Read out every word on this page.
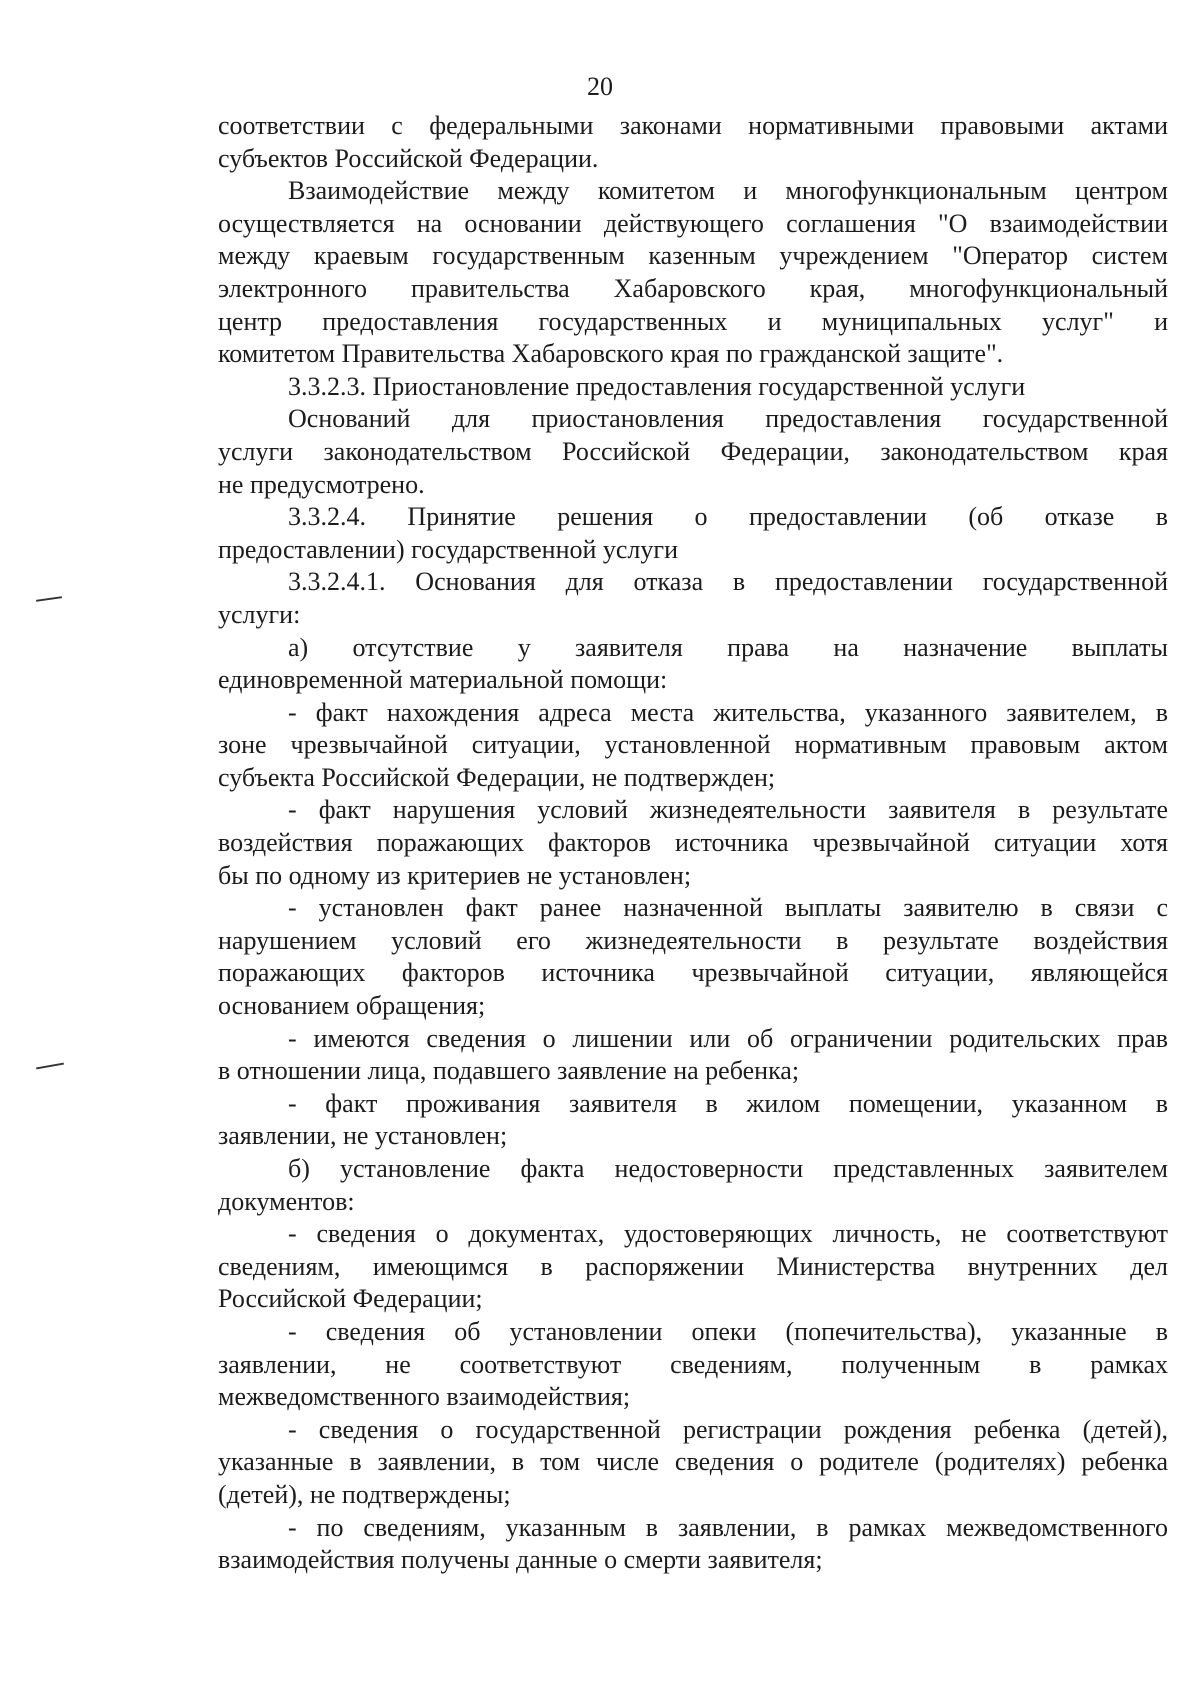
20
соответствии с федеральными законами нормативными правовыми актами
субъектов Российской Федерации.
Взаимодействие между комитетом и многофункциональным центром
осуществляется на основании действующего соглашения "О взаимодействии
между краевым государственным казенным учреждением "Оператор систем
электронного правительства Хабаровского края, многофункциональный
центр предоставления государственных и муниципальных услуг" и
комитетом Правительства Хабаровского края по гражданской защите".
3.3.2.3. Приостановление предоставления государственной услуги
Оснований для приостановления предоставления государственной
услуги законодательством Российской Федерации, законодательством края
не предусмотрено.
3.3.2.4. Принятие решения о предоставлении (об отказе в
предоставлении) государственной услуги
3.3.2.4.1. Основания для отказа в предоставлении государственной
услуги:
а) отсутствие у заявителя права на назначение выплаты
единовременной материальной помощи:
- факт нахождения адреса места жительства, указанного заявителем, в
зоне чрезвычайной ситуации, установленной нормативным правовым актом
субъекта Российской Федерации, не подтвержден;
- факт нарушения условий жизнедеятельности заявителя в результате
воздействия поражающих факторов источника чрезвычайной ситуации хотя
бы по одному из критериев не установлен;
- установлен факт ранее назначенной выплаты заявителю в связи с
нарушением условий его жизнедеятельности в результате воздействия
поражающих факторов источника чрезвычайной ситуации, являющейся
основанием обращения;
- имеются сведения о лишении или об ограничении родительских прав
в отношении лица, подавшего заявление на ребенка;
- факт проживания заявителя в жилом помещении, указанном в
заявлении, не установлен;
б) установление факта недостоверности представленных заявителем
документов:
- сведения о документах, удостоверяющих личность, не соответствуют
сведениям, имеющимся в распоряжении Министерства внутренних дел
Российской Федерации;
- сведения об установлении опеки (попечительства), указанные в
заявлении, не соответствуют сведениям, полученным в рамках
межведомственного взаимодействия;
- сведения о государственной регистрации рождения ребенка (детей),
указанные в заявлении, в том числе сведения о родителе (родителях) ребенка
(детей), не подтверждены;
- по сведениям, указанным в заявлении, в рамках межведомственного
взаимодействия получены данные о смерти заявителя;
